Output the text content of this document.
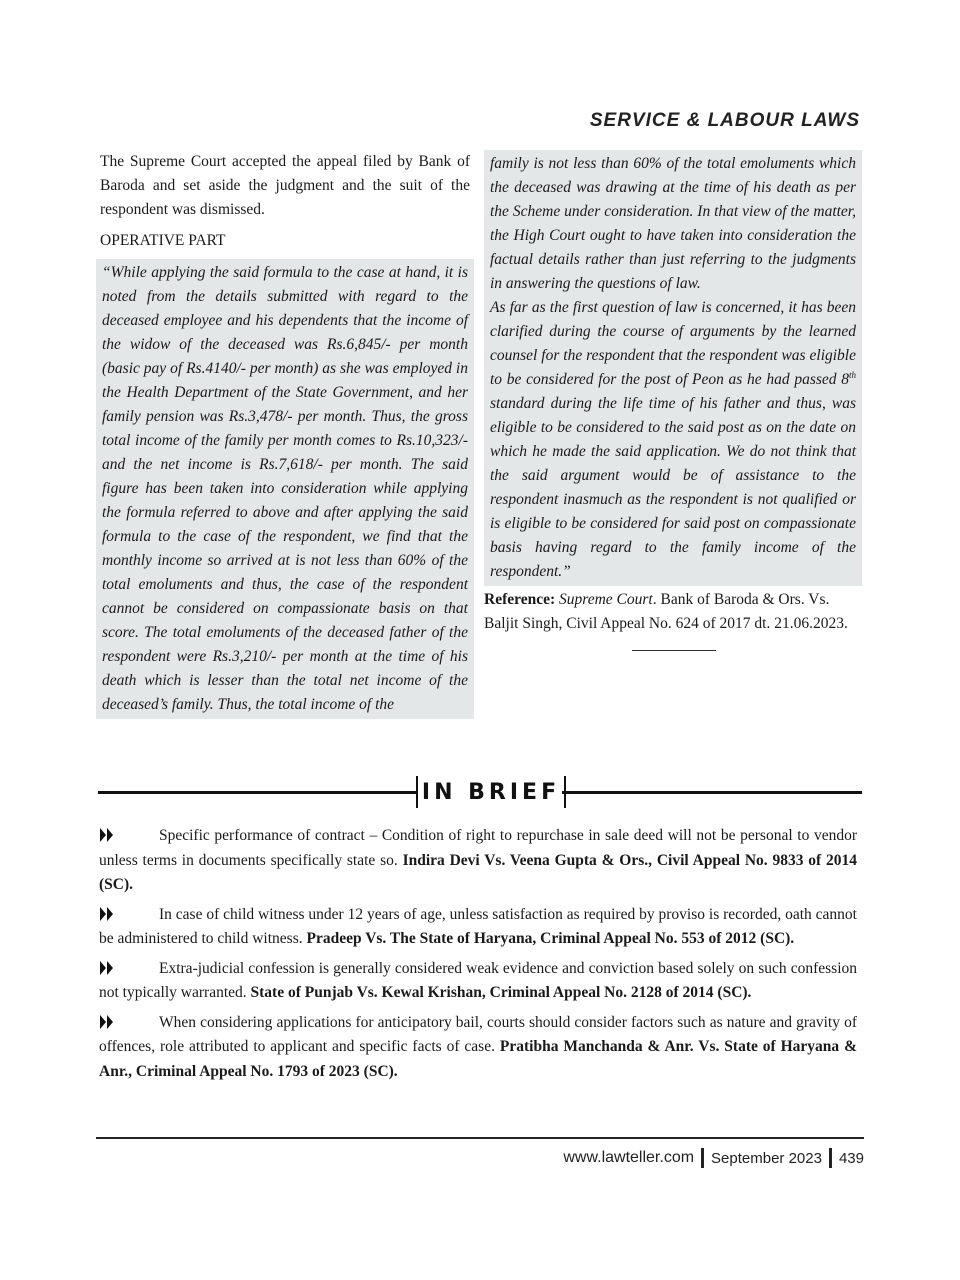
SERVICE & LABOUR LAWS

The Supreme Court accepted the appeal filed by Bank of Baroda and set aside the judgment and the suit of the respondent was dismissed.

OPERATIVE PART

“While applying the said formula to the case at hand, it is noted from the details submitted with regard to the deceased employee and his dependents that the income of the widow of the deceased was Rs.6,845/- per month (basic pay of Rs.4140/- per month) as she was employed in the Health Department of the State Government, and her family pension was Rs.3,478/- per month. Thus, the gross total income of the family per month comes to Rs.10,323/- and the net income is Rs.7,618/- per month. The said figure has been taken into consideration while applying the formula referred to above and after applying the said formula to the case of the respondent, we find that the monthly income so arrived at is not less than 60% of the total emoluments and thus, the case of the respondent cannot be considered on compassionate basis on that score. The total emoluments of the deceased father of the respondent were Rs.3,210/- per month at the time of his death which is lesser than the total net income of the deceased’s family. Thus, the total income of the

family is not less than 60% of the total emoluments which the deceased was drawing at the time of his death as per the Scheme under consideration. In that view of the matter, the High Court ought to have taken into consideration the factual details rather than just referring to the judgments in answering the questions of law.

As far as the first question of law is concerned, it has been clarified during the course of arguments by the learned counsel for the respondent that the respondent was eligible to be considered for the post of Peon as he had passed 8th standard during the life time of his father and thus, was eligible to be considered to the said post as on the date on which he made the said application. We do not think that the said argument would be of assistance to the respondent inasmuch as the respondent is not qualified or is eligible to be considered for said post on compassionate basis having regard to the family income of the respondent.”

Reference: Supreme Court. Bank of Baroda & Ors. Vs. Baljit Singh, Civil Appeal No. 624 of 2017 dt. 21.06.2023.

IN BRIEF
Specific performance of contract – Condition of right to repurchase in sale deed will not be personal to vendor unless terms in documents specifically state so. Indira Devi Vs. Veena Gupta & Ors., Civil Appeal No. 9833 of 2014 (SC).
In case of child witness under 12 years of age, unless satisfaction as required by proviso is recorded, oath cannot be administered to child witness. Pradeep Vs. The State of Haryana, Criminal Appeal No. 553 of 2012 (SC).
Extra-judicial confession is generally considered weak evidence and conviction based solely on such confession not typically warranted. State of Punjab Vs. Kewal Krishan, Criminal Appeal No. 2128 of 2014 (SC).
When considering applications for anticipatory bail, courts should consider factors such as nature and gravity of offences, role attributed to applicant and specific facts of case. Pratibha Manchanda & Anr. Vs. State of Haryana & Anr., Criminal Appeal No. 1793 of 2023 (SC).
www.lawteller.com September 2023 439
